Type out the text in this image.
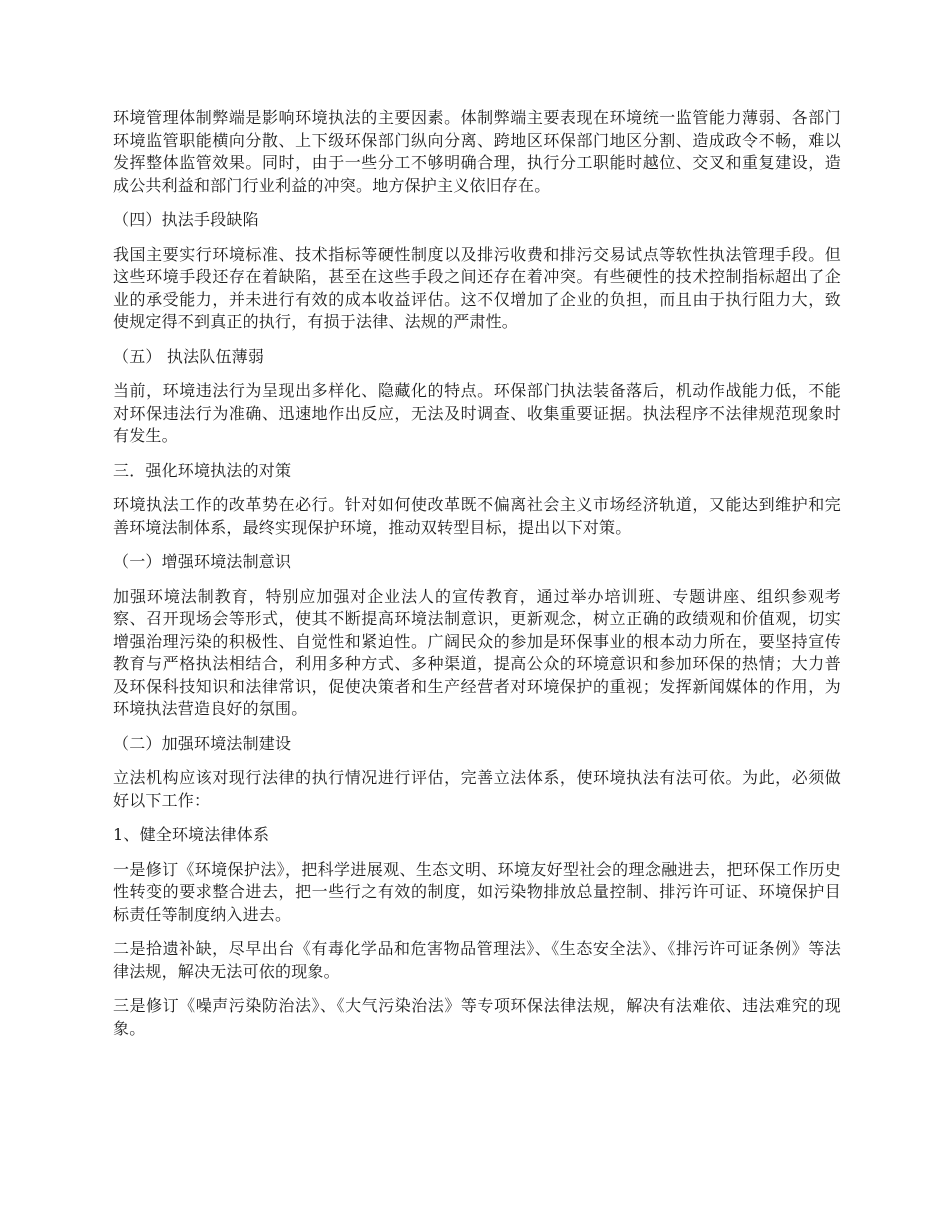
环境管理体制弊端是影响环境执法的主要因素。体制弊端主要表现在环境统一监管能力薄弱、各部门环境监管职能横向分散、上下级环保部门纵向分离、跨地区环保部门地区分割、造成政令不畅，难以发挥整体监管效果。同时，由于一些分工不够明确合理，执行分工职能时越位、交叉和重复建设，造成公共利益和部门行业利益的冲突。地方保护主义依旧存在。

（四）执法手段缺陷

我国主要实行环境标准、技术指标等硬性制度以及排污收费和排污交易试点等软性执法管理手段。但这些环境手段还存在着缺陷，甚至在这些手段之间还存在着冲突。有些硬性的技术控制指标超出了企业的承受能力，并未进行有效的成本收益评估。这不仅增加了企业的负担，而且由于执行阻力大，致使规定得不到真正的执行，有损于法律、法规的严肃性。

（五） 执法队伍薄弱

当前，环境违法行为呈现出多样化、隐藏化的特点。环保部门执法装备落后，机动作战能力低，不能对环保违法行为准确、迅速地作出反应，无法及时调查、收集重要证据。执法程序不法律规范现象时有发生。

三．强化环境执法的对策

环境执法工作的改革势在必行。针对如何使改革既不偏离社会主义市场经济轨道，又能达到维护和完善环境法制体系，最终实现保护环境，推动双转型目标，提出以下对策。

（一）增强环境法制意识

加强环境法制教育，特别应加强对企业法人的宣传教育，通过举办培训班、专题讲座、组织参观考察、召开现场会等形式，使其不断提高环境法制意识，更新观念，树立正确的政绩观和价值观，切实增强治理污染的积极性、自觉性和紧迫性。广阔民众的参加是环保事业的根本动力所在，要坚持宣传教育与严格执法相结合，利用多种方式、多种渠道，提高公众的环境意识和参加环保的热情；大力普及环保科技知识和法律常识，促使决策者和生产经营者对环境保护的重视；发挥新闻媒体的作用，为环境执法营造良好的氛围。

（二）加强环境法制建设

立法机构应该对现行法律的执行情况进行评估，完善立法体系，使环境执法有法可依。为此，必须做好以下工作：

1、健全环境法律体系

一是修订《环境保护法》，把科学进展观、生态文明、环境友好型社会的理念融进去，把环保工作历史性转变的要求整合进去，把一些行之有效的制度，如污染物排放总量控制、排污许可证、环境保护目标责任等制度纳入进去。

二是拾遗补缺，尽早出台《有毒化学品和危害物品管理法》、《生态安全法》、《排污许可证条例》等法律法规，解决无法可依的现象。

三是修订《噪声污染防治法》、《大气污染治法》等专项环保法律法规，解决有法难依、违法难究的现象。
